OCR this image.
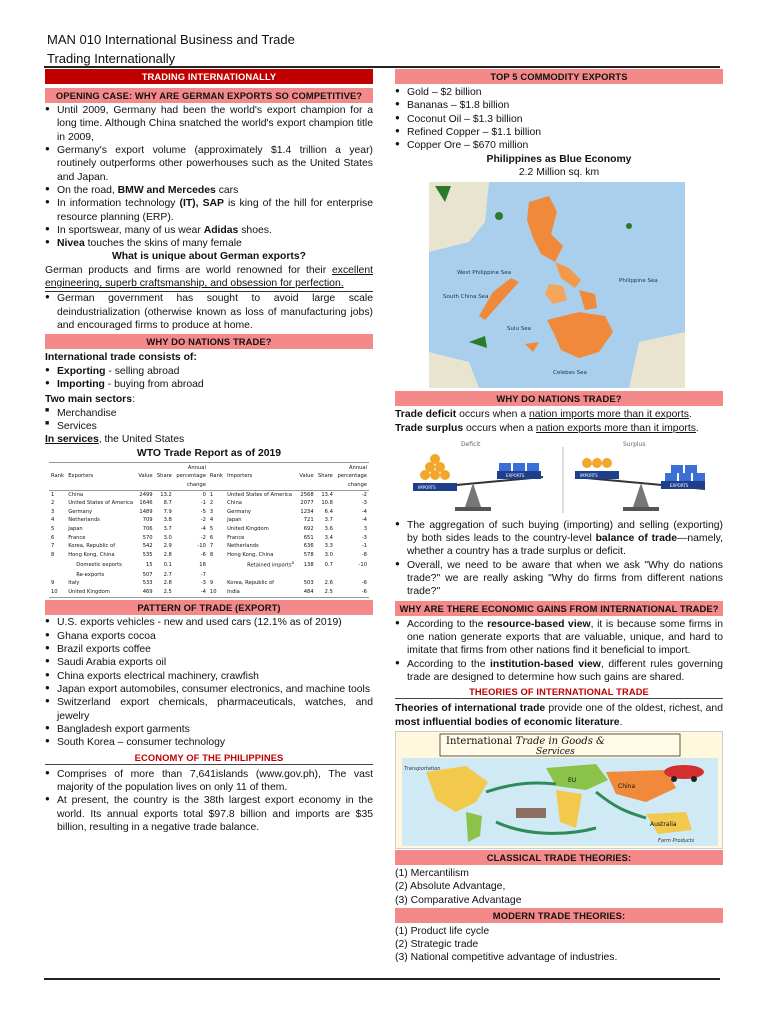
MAN 010 International Business and Trade
Trading Internationally
TRADING INTERNATIONALLY
OPENING CASE: WHY ARE GERMAN EXPORTS SO COMPETITIVE?
● Until 2009, Germany had been the world's export champion for a long time. Although China snatched the world's export champion title in 2009,
● Germany's export volume (approximately $1.4 trillion a year) routinely outperforms other powerhouses such as the United States and Japan.
● On the road, BMW and Mercedes cars
● In information technology (IT), SAP is king of the hill for enterprise resource planning (ERP).
● In sportswear, many of us wear Adidas shoes.
● Nivea touches the skins of many female
What is unique about German exports?

German products and firms are world renowned for their excellent engineering, superb craftsmanship, and obsession for perfection.

● German government has sought to avoid large scale deindustrialization (otherwise known as loss of manufacturing jobs) and encouraged firms to produce at home.
WHY DO NATIONS TRADE?
International trade consists of:
● Exporting - selling abroad
● Importing - buying from abroad
Two main sectors:
■ Merchandise
■ Services
In services, the United States
WTO Trade Report as of 2019
				Annual					Annual
Rank	Exporters	Value	Share	percentage	Rank	Importers	Value	Share	percentage
				change					change
1	China	2499	13.2	0	1	United States of America	2568	13.4	-2
2	United States of America	1646	8.7	-1	2	China	2077	10.8	-3
3	Germany	1489	7.9	-5	3	Germany	1234	6.4	-4
4	Netherlands	709	3.8	-2	4	Japan	721	3.7	-4
5	Japan	706	3.7	-4	5	United Kingdom	692	3.6	3
6	France	570	3.0	-2	6	France	651	3.4	-3
7	Korea, Republic of	542	2.9	-10	7	Netherlands	636	3.3	-1
8	Hong Kong, China	535	2.8	-6	8	Hong Kong, China	578	3.0	-8
	Domestic exports	15	0.1	18		Retained imports$^a$	138	0.7	-10
	Re-exports	507	2.7	-7					
9	Italy	533	2.8	-3	9	Korea, Republic of	503	2.6	-6
10	United Kingdom	469	2.5	-4	10	India	484	2.5	-6
PATTERN OF TRADE (EXPORT)
● U.S. exports vehicles - new and used cars (12.1% as of 2019)
● Ghana exports cocoa
● Brazil exports coffee
● Saudi Arabia exports oil
● China exports electrical machinery, crawfish
● Japan export automobiles, consumer electronics, and machine tools
● Switzerland export chemicals, pharmaceuticals, watches, and jewelry
● Bangladesh export garments
● South Korea – consumer technology
ECONOMY OF THE PHILIPPINES
● Comprises of more than 7,641islands (www.gov.ph), The vast majority of the population lives on only 11 of them.
● At present, the country is the 38th largest export economy in the world. Its annual exports total $97.8 billion and imports are $35 billion, resulting in a negative trade balance.
TOP 5 COMMODITY EXPORTS
● Gold – $2 billion
● Bananas – $1.8 billion
● Coconut Oil – $1.3 billion
● Refined Copper – $1.1 billion
● Copper Ore – $670 million
Philippines as Blue Economy
2.2 Million sq. km
West Philippine Sea
South China Sea
Sulu Sea
Celebes Sea
Philippine Sea
WHY DO NATIONS TRADE?
Trade deficit occurs when a nation imports more than it exports.
Trade surplus occurs when a nation exports more than it imports.
Deficit	Surplus
IMPORTS
EXPORTS	IMPORTS
EXPORTS
● The aggregation of such buying (importing) and selling (exporting) by both sides leads to the country-level balance of trade—namely, whether a country has a trade surplus or deficit.
● Overall, we need to be aware that when we ask "Why do nations trade?" we are really asking "Why do firms from different nations trade?"
WHY ARE THERE ECONOMIC GAINS FROM INTERNATIONAL TRADE?
● According to the resource-based view, it is because some firms in one nation generate exports that are valuable, unique, and hard to imitate that firms from other nations find it beneficial to import.
● According to the institution-based view, different rules governing trade are designed to determine how such gains are shared.
THEORIES OF INTERNATIONAL TRADE

Theories of international trade provide one of the oldest, richest, and most influential bodies of economic literature.

International Trade in Goods &
Services
EU
China
Australia
Transportation
Farm Products
CLASSICAL TRADE THEORIES:
(1) Mercantilism
(2) Absolute Advantage,
(3) Comparative Advantage
MODERN TRADE THEORIES:
(1) Product life cycle
(2) Strategic trade
(3) National competitive advantage of industries.
